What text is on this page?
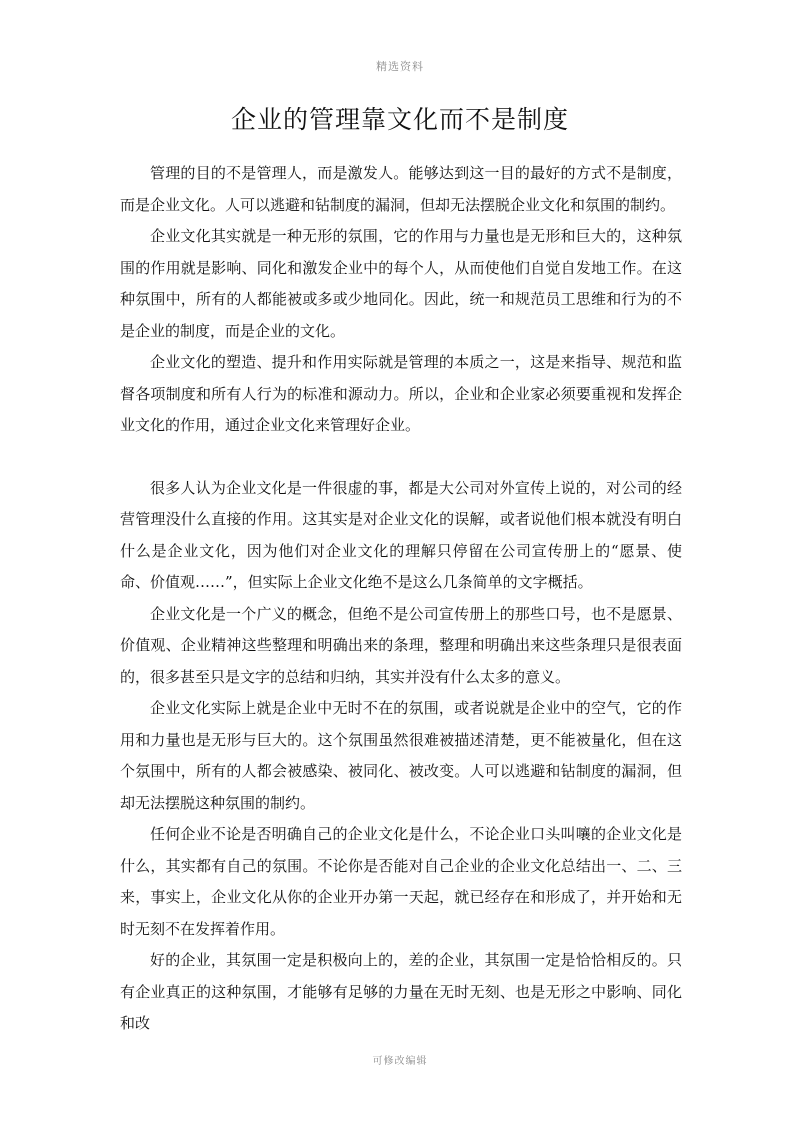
精选资料
企业的管理靠文化而不是制度

管理的目的不是管理人，而是激发人。能够达到这一目的最好的方式不是制度，而是企业文化。人可以逃避和钻制度的漏洞，但却无法摆脱企业文化和氛围的制约。

企业文化其实就是一种无形的氛围，它的作用与力量也是无形和巨大的，这种氛围的作用就是影响、同化和激发企业中的每个人，从而使他们自觉自发地工作。在这种氛围中，所有的人都能被或多或少地同化。因此，统一和规范员工思维和行为的不是企业的制度，而是企业的文化。

企业文化的塑造、提升和作用实际就是管理的本质之一，这是来指导、规范和监督各项制度和所有人行为的标准和源动力。所以，企业和企业家必须要重视和发挥企业文化的作用，通过企业文化来管理好企业。

很多人认为企业文化是一件很虚的事，都是大公司对外宣传上说的，对公司的经营管理没什么直接的作用。这其实是对企业文化的误解，或者说他们根本就没有明白什么是企业文化，因为他们对企业文化的理解只停留在公司宣传册上的“愿景、使命、价值观……”，但实际上企业文化绝不是这么几条简单的文字概括。

企业文化是一个广义的概念，但绝不是公司宣传册上的那些口号，也不是愿景、价值观、企业精神这些整理和明确出来的条理，整理和明确出来这些条理只是很表面的，很多甚至只是文字的总结和归纳，其实并没有什么太多的意义。

企业文化实际上就是企业中无时不在的氛围，或者说就是企业中的空气，它的作用和力量也是无形与巨大的。这个氛围虽然很难被描述清楚，更不能被量化，但在这个氛围中，所有的人都会被感染、被同化、被改变。人可以逃避和钻制度的漏洞，但却无法摆脱这种氛围的制约。

任何企业不论是否明确自己的企业文化是什么，不论企业口头叫嚷的企业文化是什么，其实都有自己的氛围。不论你是否能对自己企业的企业文化总结出一、二、三来，事实上，企业文化从你的企业开办第一天起，就已经存在和形成了，并开始和无时无刻不在发挥着作用。

好的企业，其氛围一定是积极向上的，差的企业，其氛围一定是恰恰相反的。只有企业真正的这种氛围，才能够有足够的力量在无时无刻、也是无形之中影响、同化和改

可修改编辑
